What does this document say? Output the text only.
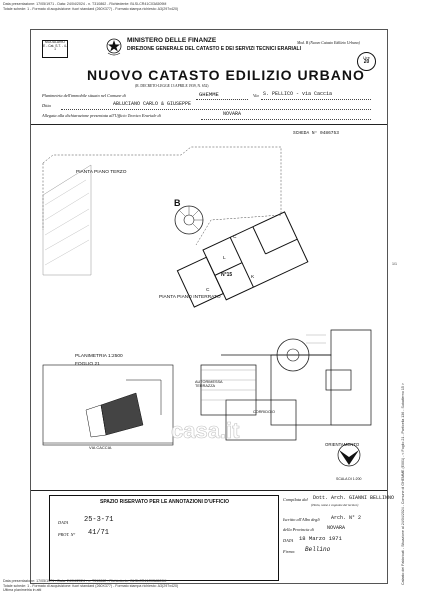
Data presentazione: 17/05/1971 - Data: 24/04/2024 - n. T310862 - Richiedente: BLSLCR41C03A509M
Totale schede: 1 - Formato di acquisizione: fuori standard (260X377) - Formato stampa richiesto: A3(297x420)
Catasto dei Fabbricati - Situazione al 24/04/2024 - Comune di GHEMME (E001) - < Foglio 21 - Particella 136 - Subalterno 15 >
1/1
MODULARIO
E - Cat. S.T. - 4-1
MINISTERO DELLE FINANZE
DIREZIONE GENERALE DEL CATASTO E DEI SERVIZI TECNICI ERARIALI
Mod. B (Nuovo Catasto Edilizio Urbano)
Lire
20
NUOVO CATASTO EDILIZIO URBANO
(R. DECRETO-LEGGE 13 APRILE 1939, N. 652)
Planimetria dell'immobile situato nel Comune di	GHEMME	Via S. PELLICO - via Caccia
Ditta	ABLUCIANO CARLO & GIUSEPPE
Allegata alla dichiarazione presentata all'Ufficio Tecnico Erariale di	NOVARA
SCHEDA N° 0486753
PIANTA PIANO TERZO
PIANTA PIANO INTERRATO
PLANIMETRIA 1:2500
FOGLIO 21
VIA CACCIA
AUTORIMESSA TERRAZZA
CORRIDOIO
N°15
B
C
L
C
K
casa.it
ORIENTAMENTO
SCALA DI 1:200
SPAZIO RISERVATO PER LE ANNOTAZIONI D'UFFICIO
DATA 25-3-71
PROT. N° 41/71
Compilata dal Dott. Arch. GIANNI BELLINNO
(Titolo, nome e cognome del tecnico)
Iscritto all'Albo degli Arch. N° 2
della Provincia di	NOVARA
DATA 18 Marzo 1971
Firma: Bellino
Data presentazione: 17/05/1971 - Data: 24/04/2024 - n. T310862 - Richiedente: BLSLCR41C03A509M
Totale schede: 1 - Formato di acquisizione: fuori standard (260X377) - Formato stampa richiesto: A3(297x420)
Ultima planimetria in atti
